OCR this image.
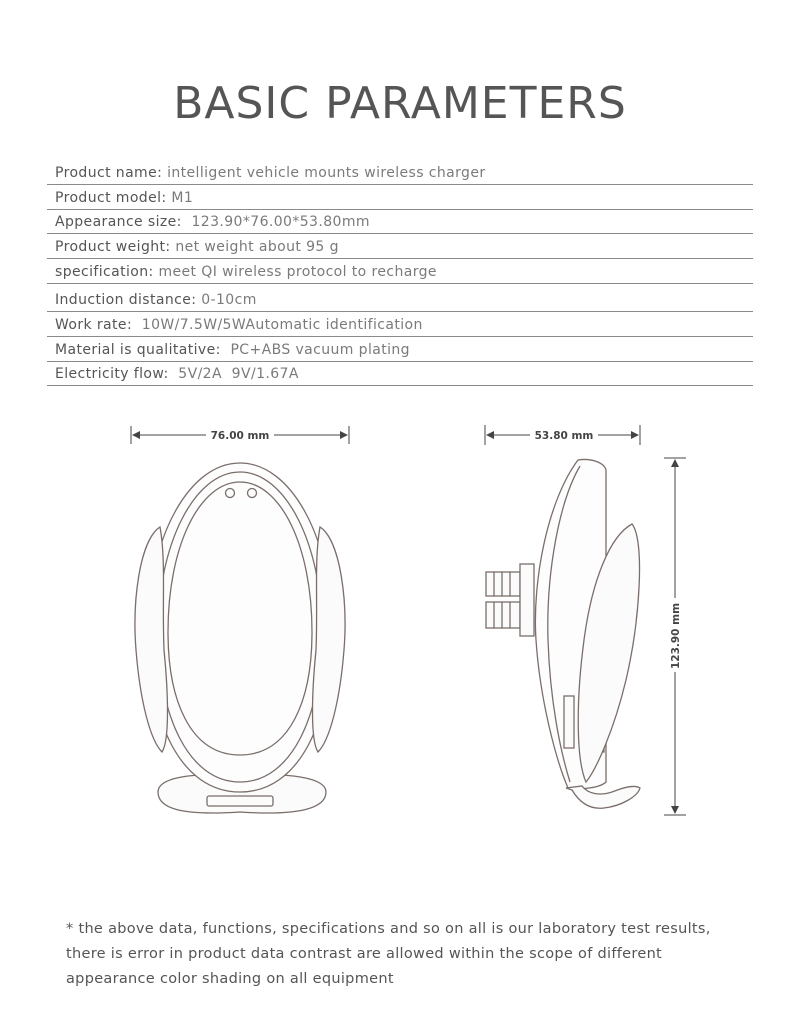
BASIC PARAMETERS
Product name: intelligent vehicle mounts wireless charger
Product model: M1
Appearance size: 123.90*76.00*53.80mm
Product weight: net weight about 95 g
specification: meet QI wireless protocol to recharge
Induction distance: 0-10cm
Work rate: 10W/7.5W/5WAutomatic identification
Material is qualitative: PC+ABS vacuum plating
Electricity flow: 5V/2A  9V/1.67A
76.00 mm	53.80 mm
123.90 mm
* the above data, functions, specifications and so on all is our laboratory test results,
there is error in product data contrast are allowed within the scope of different
appearance color shading on all equipment
